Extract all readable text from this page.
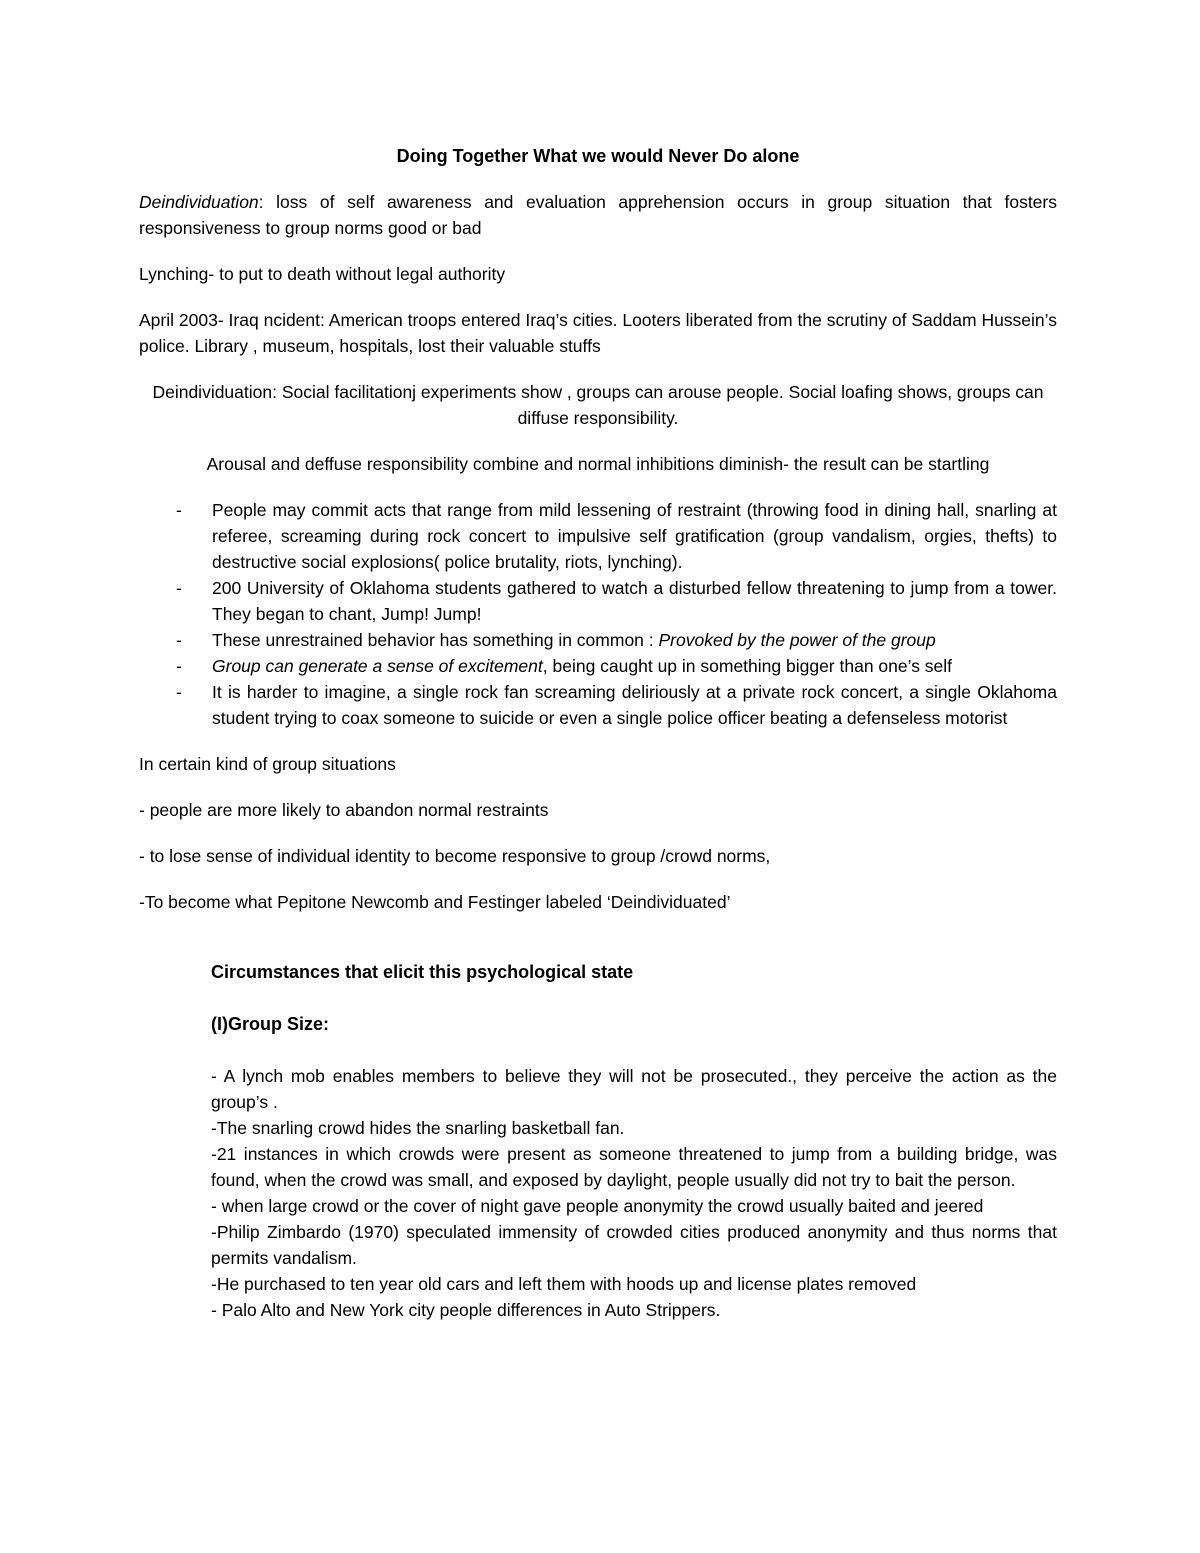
Doing Together What we would Never Do alone

Deindividuation: loss of self awareness and evaluation apprehension occurs in group situation that fosters responsiveness to group norms good or bad

Lynching- to put to death without legal authority

April 2003- Iraq ncident: American troops entered Iraq’s cities. Looters liberated from the scrutiny of Saddam Hussein’s police. Library , museum, hospitals, lost their valuable stuffs

Deindividuation: Social facilitationj experiments show , groups can arouse people. Social loafing shows, groups can diffuse responsibility.

Arousal and deffuse responsibility combine and normal inhibitions diminish- the result can be startling

- People may commit acts that range from mild lessening of restraint (throwing food in dining hall, snarling at referee, screaming during rock concert to impulsive self gratification (group vandalism, orgies, thefts) to destructive social explosions( police brutality, riots, lynching).
- 200 University of Oklahoma students gathered to watch a disturbed fellow threatening to jump from a tower. They began to chant, Jump! Jump!
- These unrestrained behavior has something in common : Provoked by the power of the group
- Group can generate a sense of excitement, being caught up in something bigger than one’s self
- It is harder to imagine, a single rock fan screaming deliriously at a private rock concert, a single Oklahoma student trying to coax someone to suicide or even a single police officer beating a defenseless motorist

In certain kind of group situations

- people are more likely to abandon normal restraints

- to lose sense of individual identity to become responsive to group /crowd norms,

-To become what Pepitone Newcomb and Festinger labeled ‘Deindividuated’

Circumstances that elicit this psychological state
(I)Group Size:
- A lynch mob enables members to believe they will not be prosecuted., they perceive the action as the group’s .
-The snarling crowd hides the snarling basketball fan.
-21 instances in which crowds were present as someone threatened to jump from a building bridge, was found, when the crowd was small, and exposed by daylight, people usually did not try to bait the person.
- when large crowd or the cover of night gave people anonymity the crowd usually baited and jeered
-Philip Zimbardo (1970) speculated immensity of crowded cities produced anonymity and thus norms that permits vandalism.
-He purchased to ten year old cars and left them with hoods up and license plates removed
- Palo Alto and New York city people differences in Auto Strippers.
